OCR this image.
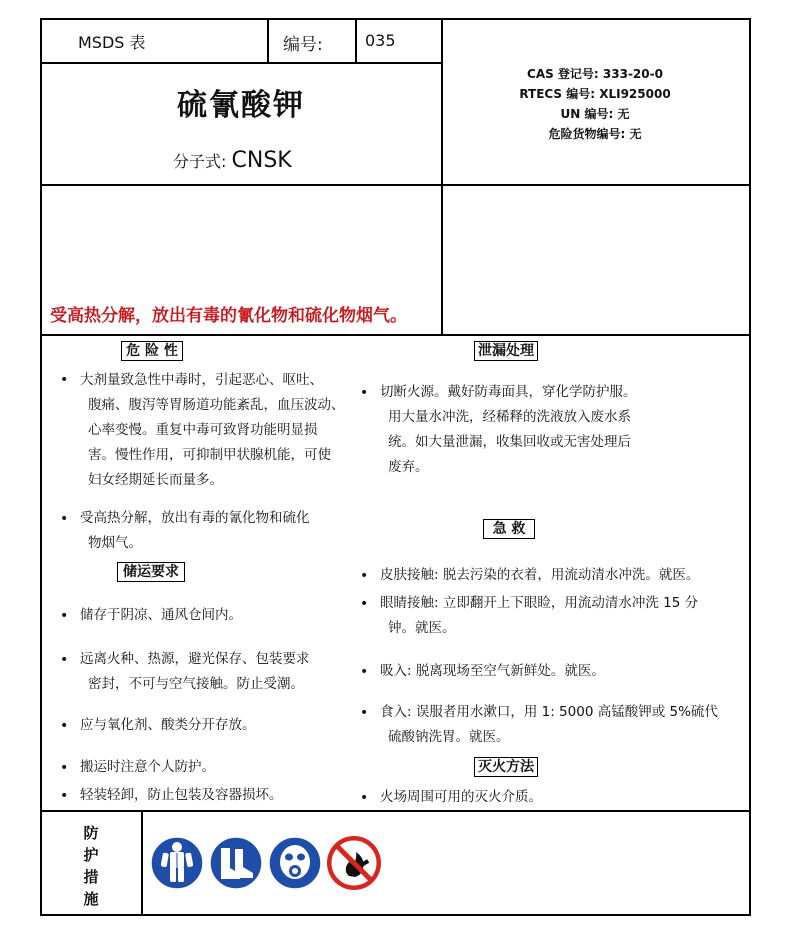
MSDS 表	编号:	035
硫氰酸钾
分子式: CNSK
CAS 登记号: 333-20-0
RTECS 编号: XLI925000
UN 编号: 无
危险货物编号: 无
受高热分解，放出有毒的氰化物和硫化物烟气。
危 险 性
• 大剂量致急性中毒时，引起恶心、呕吐、
腹痛、腹泻等胃肠道功能紊乱，血压波动、
心率变慢。重复中毒可致肾功能明显损
害。慢性作用，可抑制甲状腺机能，可使
妇女经期延长而量多。
• 受高热分解，放出有毒的氰化物和硫化
物烟气。
储运要求
• 储存于阴凉、通风仓间内。
• 远离火种、热源，避光保存、包装要求
密封，不可与空气接触。防止受潮。
• 应与氧化剂、酸类分开存放。
• 搬运时注意个人防护。
• 轻装轻卸，防止包装及容器损坏。
泄漏处理
• 切断火源。戴好防毒面具，穿化学防护服。
用大量水冲洗，经稀释的洗液放入废水系
统。如大量泄漏，收集回收或无害处理后
废弃。
急 救
• 皮肤接触: 脱去污染的衣着，用流动清水冲洗。就医。
• 眼睛接触: 立即翻开上下眼睑，用流动清水冲洗 15 分
钟。就医。
• 吸入: 脱离现场至空气新鲜处。就医。
• 食入: 误服者用水漱口，用 1: 5000 高锰酸钾或 5%硫代
硫酸钠洗胃。就医。
灭火方法
• 火场周围可用的灭火介质。
防
护
措
施
